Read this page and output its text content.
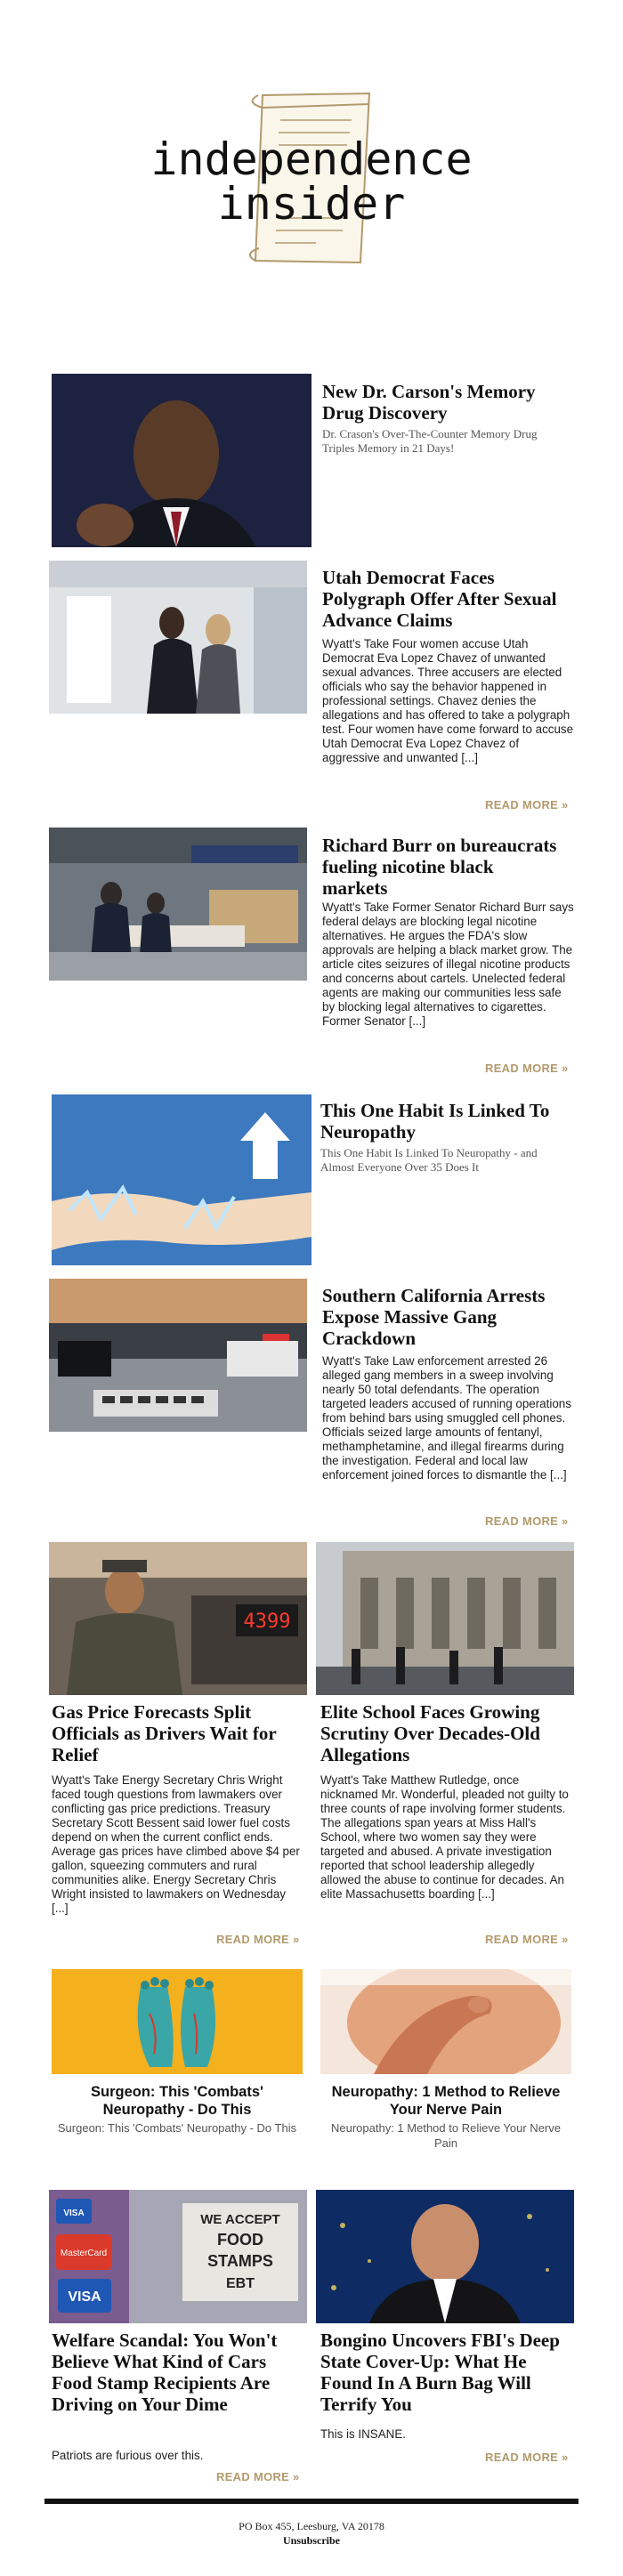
independence
insider
New Dr. Carson's Memory Drug Discovery
Dr. Crason's Over-The-Counter Memory Drug Triples Memory in 21 Days!
Utah Democrat Faces Polygraph Offer After Sexual Advance Claims
Wyatt's Take Four women accuse Utah Democrat Eva Lopez Chavez of unwanted sexual advances. Three accusers are elected officials who say the behavior happened in professional settings. Chavez denies the allegations and has offered to take a polygraph test. Four women have come forward to accuse Utah Democrat Eva Lopez Chavez of aggressive and unwanted [...]
READ MORE »
Richard Burr on bureaucrats fueling nicotine black markets
Wyatt's Take Former Senator Richard Burr says federal delays are blocking legal nicotine alternatives. He argues the FDA's slow approvals are helping a black market grow. The article cites seizures of illegal nicotine products and concerns about cartels. Unelected federal agents are making our communities less safe by blocking legal alternatives to cigarettes. Former Senator [...]
READ MORE »
This One Habit Is Linked To Neuropathy
This One Habit Is Linked To Neuropathy - and Almost Everyone Over 35 Does It
Southern California Arrests Expose Massive Gang Crackdown
Wyatt's Take Law enforcement arrested 26 alleged gang members in a sweep involving nearly 50 total defendants. The operation targeted leaders accused of running operations from behind bars using smuggled cell phones. Officials seized large amounts of fentanyl, methamphetamine, and illegal firearms during the investigation. Federal and local law enforcement joined forces to dismantle the [...]
READ MORE »
4399
Gas Price Forecasts Split Officials as Drivers Wait for Relief
Elite School Faces Growing Scrutiny Over Decades-Old Allegations
Wyatt's Take Energy Secretary Chris Wright faced tough questions from lawmakers over conflicting gas price predictions. Treasury Secretary Scott Bessent said lower fuel costs depend on when the current conflict ends. Average gas prices have climbed above $4 per gallon, squeezing commuters and rural communities alike. Energy Secretary Chris Wright insisted to lawmakers on Wednesday [...]
Wyatt's Take Matthew Rutledge, once nicknamed Mr. Wonderful, pleaded not guilty to three counts of rape involving former students. The allegations span years at Miss Hall's School, where two women say they were targeted and abused. A private investigation reported that school leadership allegedly allowed the abuse to continue for decades. An elite Massachusetts boarding [...]
READ MORE »	READ MORE »
Surgeon: This 'Combats' Neuropathy - Do This
Neuropathy: 1 Method to Relieve Your Nerve Pain
Surgeon: This 'Combats' Neuropathy - Do This	Neuropathy: 1 Method to Relieve Your Nerve Pain
VISA
MasterCard
VISA	WE ACCEPT
FOOD
STAMPS
EBT
Welfare Scandal: You Won't Believe What Kind of Cars Food Stamp Recipients Are Driving on Your Dime
Bongino Uncovers FBI's Deep State Cover-Up: What He Found In A Burn Bag Will Terrify You
Patriots are furious over this.
This is INSANE.
READ MORE »
READ MORE »
PO Box 455, Leesburg, VA 20178
Unsubscribe
